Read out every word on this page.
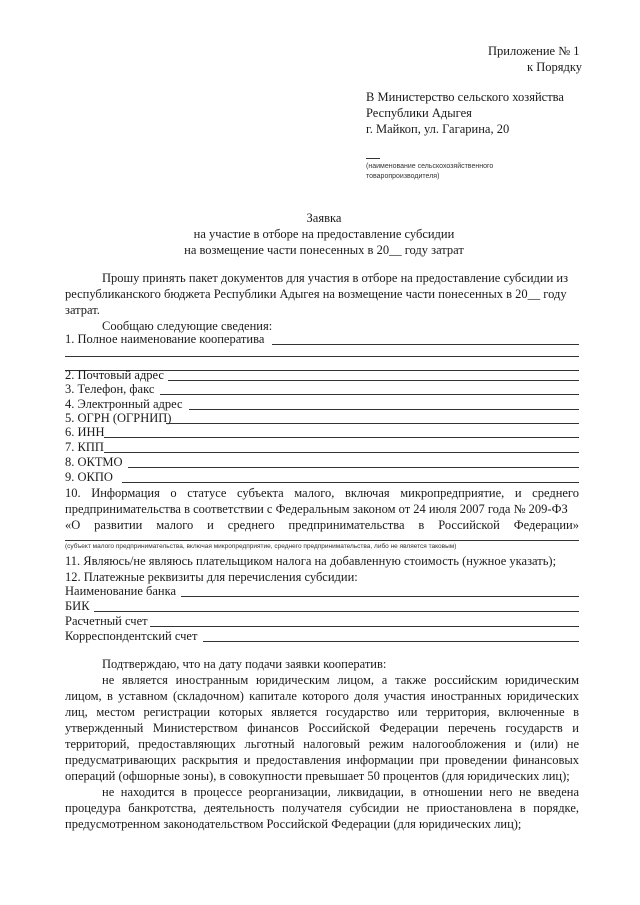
Приложение № 1
к Порядку
В Министерство сельского хозяйства
Республики Адыгея
г. Майкоп, ул. Гагарина, 20
(наименование сельскохозяйственного
товаропроизводителя)
Заявка
на участие в отборе на предоставление субсидии
на возмещение части понесенных в 20__ году затрат
Прошу принять пакет документов для участия в отборе на предоставление субсидии из
республиканского бюджета Республики Адыгея на возмещение части понесенных в 20__ году
затрат.
Сообщаю следующие сведения:
1. Полное наименование кооператива
2. Почтовый адрес
3. Телефон, факс
4. Электронный адрес
5. ОГРН (ОГРНИП)
6. ИНН
7. КПП
8. ОКТМО
9. ОКПО
10. Информация о статусе субъекта малого, включая микропредприятие, и среднего
предпринимательства в соответствии с Федеральным законом от 24 июля 2007 года № 209-ФЗ
«О развитии малого и среднего предпринимательства в Российской Федерации»
(субъект малого предпринимательства, включая микропредприятие, среднего предпринимательства, либо не является таковым)
11. Являюсь/не являюсь плательщиком налога на добавленную стоимость (нужное указать);
12. Платежные реквизиты для перечисления субсидии:
Наименование банка
БИК
Расчетный счет
Корреспондентский счет
Подтверждаю, что на дату подачи заявки кооператив:
не является иностранным юридическим лицом, а также российским юридическим
лицом, в уставном (складочном) капитале которого доля участия иностранных юридических
лиц, местом регистрации которых является государство или территория, включенные в
утвержденный Министерством финансов Российской Федерации перечень государств и
территорий, предоставляющих льготный налоговый режим налогообложения и (или) не
предусматривающих раскрытия и предоставления информации при проведении финансовых
операций (офшорные зоны), в совокупности превышает 50 процентов (для юридических лиц);
не находится в процессе реорганизации, ликвидации, в отношении него не введена
процедура банкротства, деятельность получателя субсидии не приостановлена в порядке,
предусмотренном законодательством Российской Федерации (для юридических лиц);
